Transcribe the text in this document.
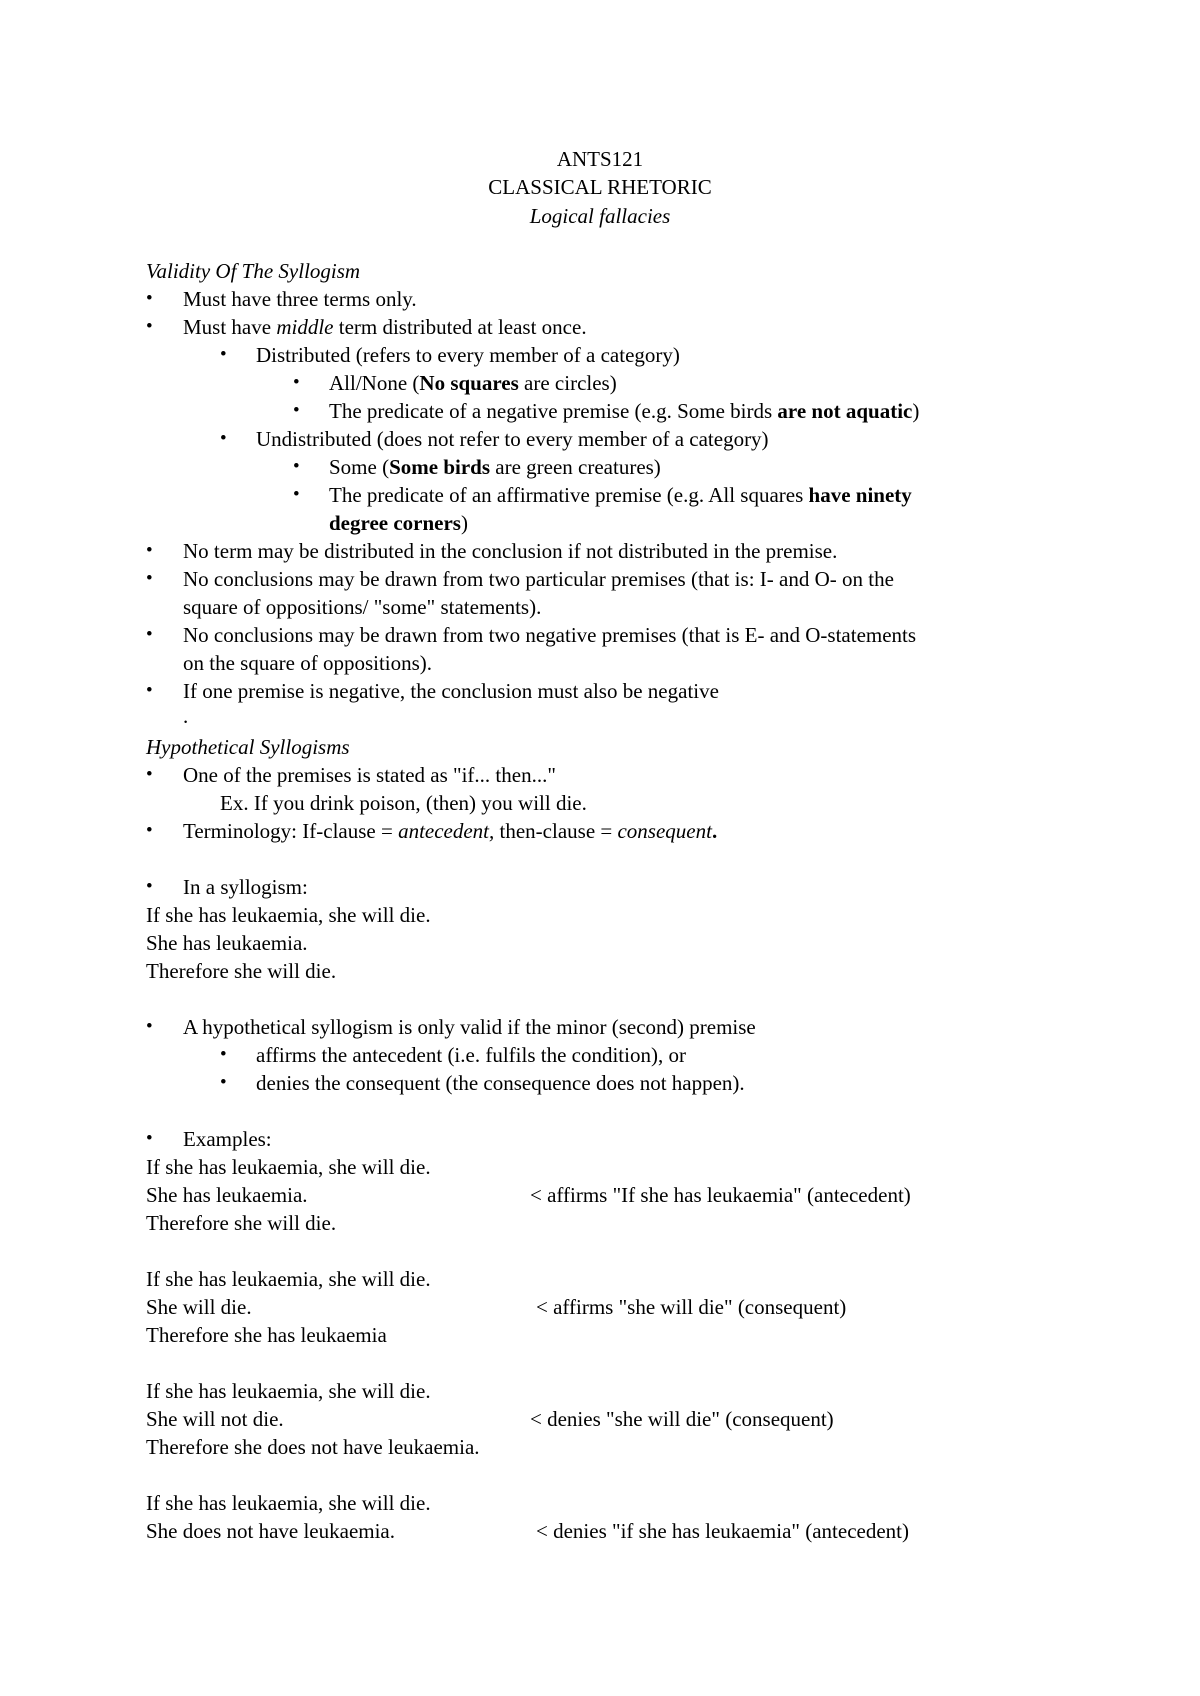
ANTS121
CLASSICAL RHETORIC
Logical fallacies
Validity Of The Syllogism
• Must have three terms only.
• Must have middle term distributed at least once.
• Distributed (refers to every member of a category)
• All/None (No squares are circles)
• The predicate of a negative premise (e.g. Some birds are not aquatic)
• Undistributed (does not refer to every member of a category)
• Some (Some birds are green creatures)
• The predicate of an affirmative premise (e.g. All squares have ninety
degree corners)
• No term may be distributed in the conclusion if not distributed in the premise.
• No conclusions may be drawn from two particular premises (that is: I- and O- on the
square of oppositions/ "some" statements).
• No conclusions may be drawn from two negative premises (that is E- and O-statements
on the square of oppositions).
• If one premise is negative, the conclusion must also be negative
.
Hypothetical Syllogisms
• One of the premises is stated as "if... then..."
Ex. If you drink poison, (then) you will die.
• Terminology: If-clause = antecedent, then-clause = consequent.
• In a syllogism:
If she has leukaemia, she will die.
She has leukaemia.
Therefore she will die.
• A hypothetical syllogism is only valid if the minor (second) premise
• affirms the antecedent (i.e. fulfils the condition), or
• denies the consequent (the consequence does not happen).
• Examples:
If she has leukaemia, she will die.
She has leukaemia.	< affirms "If she has leukaemia" (antecedent)
Therefore she will die.
If she has leukaemia, she will die.
She will die.	< affirms "she will die" (consequent)
Therefore she has leukaemia
If she has leukaemia, she will die.
She will not die.	< denies "she will die" (consequent)
Therefore she does not have leukaemia.
If she has leukaemia, she will die.
She does not have leukaemia.	< denies "if she has leukaemia" (antecedent)
